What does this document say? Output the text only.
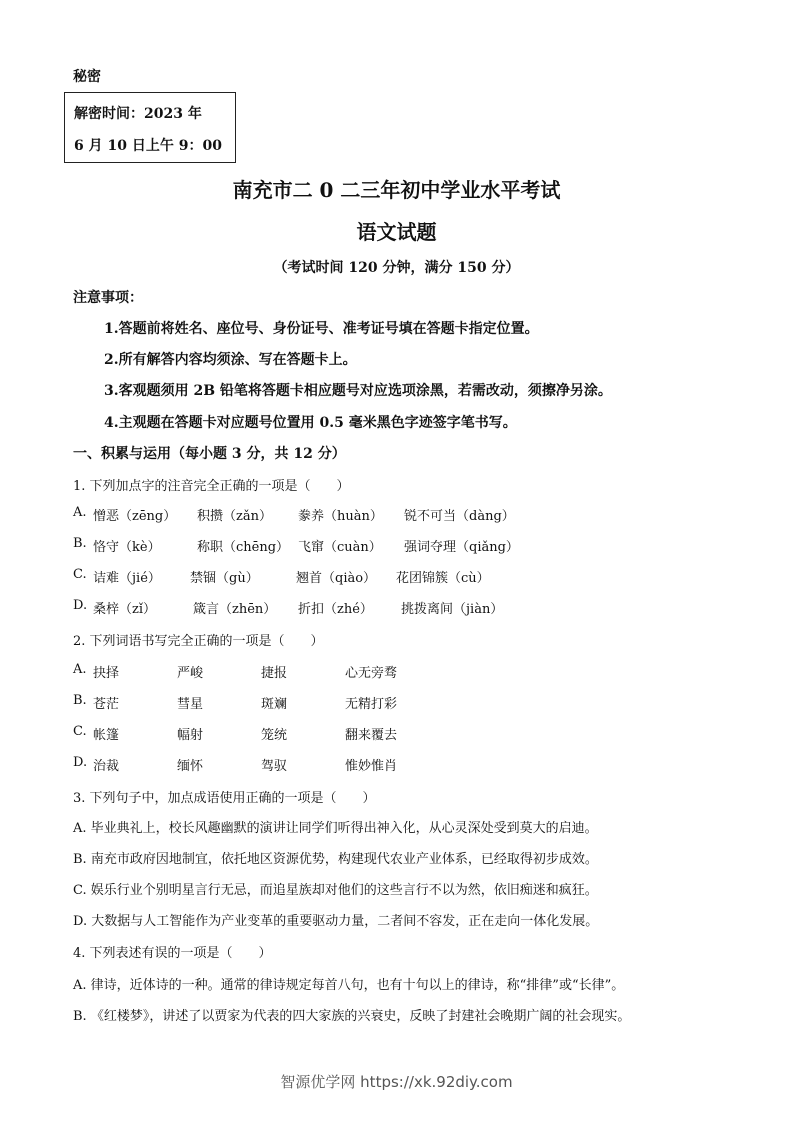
秘密
解密时间：2023 年
6 月 10 日上午 9：00
南充市二 0 二三年初中学业水平考试
语文试题
（考试时间 120 分钟，满分 150 分）
注意事项：
1.答题前将姓名、座位号、身份证号、准考证号填在答题卡指定位置。
2.所有解答内容均须涂、写在答题卡上。
3.客观题须用 2B 铅笔将答题卡相应题号对应选项涂黑，若需改动，须擦净另涂。
4.主观题在答题卡对应题号位置用 0.5 毫米黑色字迹签字笔书写。
一、积累与运用（每小题 3 分，共 12 分）
1. 下列加点字的注音完全正确的一项是（　　）
A. 憎恶（zēng） 积攒（zǎn） 豢养（huàn） 锐不可当（dàng）
B. 恪守（kè）	称职（chēng） 飞窜（cuàn） 强词夺理（qiǎng）
C. 诘难（jié） 禁锢（gù）	翘首（qiào） 花团锦簇（cù）
D. 桑梓（zǐ）	箴言（zhēn） 折扣（zhé） 挑拨离间（jiàn）
2. 下列词语书写完全正确的一项是（　　）
A. 抉择	严峻	捷报	心无旁骛
B. 苍茫	彗星	斑斓	无精打彩
C. 帐篷	幅射	笼统	翻来覆去
D. 治裁	缅怀	驾驭	惟妙惟肖
3. 下列句子中，加点成语使用正确的一项是（　　）
A. 毕业典礼上，校长风趣幽默的演讲让同学们听得出神入化，从心灵深处受到莫大的启迪。
B. 南充市政府因地制宜，依托地区资源优势，构建现代农业产业体系，已经取得初步成效。
C. 娱乐行业个别明星言行无忌，而追星族却对他们的这些言行不以为然，依旧痴迷和疯狂。
D. 大数据与人工智能作为产业变革的重要驱动力量，二者间不容发，正在走向一体化发展。
4. 下列表述有误的一项是（　　）
A. 律诗，近体诗的一种。通常的律诗规定每首八句，也有十句以上的律诗，称“排律”或“长律”。
B. 《红楼梦》，讲述了以贾家为代表的四大家族的兴衰史，反映了封建社会晚期广阔的社会现实。
智源优学网 https://xk.92diy.com
